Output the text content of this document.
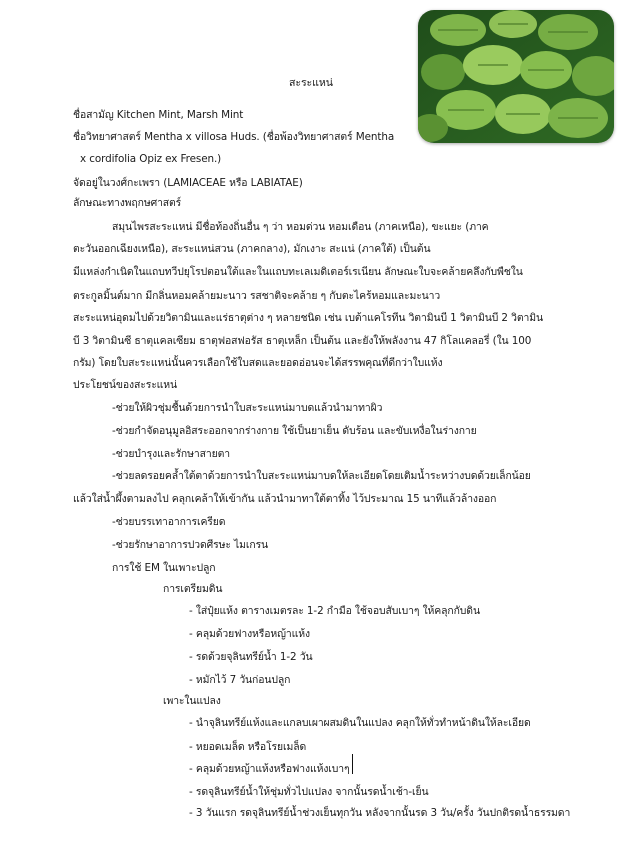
สะระแหน่
ชื่อสามัญ Kitchen Mint, Marsh Mint
ชื่อวิทยาศาสตร์ Mentha x villosa Huds. (ชื่อพ้องวิทยาศาสตร์ Mentha
x cordifolia Opiz ex Fresen.)
จัดอยู่ในวงศ์กะเพรา (LAMIACEAE หรือ LABIATAE)
ลักษณะทางพฤกษศาสตร์
สมุนไพรสะระแหน่ มีชื่อท้องถิ่นอื่น ๆ ว่า หอมด่วน หอมเดือน (ภาคเหนือ), ขะแยะ (ภาค
ตะวันออกเฉียงเหนือ), สะระแหน่สวน (ภาคกลาง), มักเงาะ สะแน่ (ภาคใต้) เป็นต้น
มีแหล่งกำเนิดในแถบทวีปยุโรปตอนใต้และในแถบทะเลเมดิเตอร์เรเนียน ลักษณะใบจะคล้ายคลึงกับพืชใน
ตระกูลมิ้นต์มาก มีกลิ่นหอมคล้ายมะนาว รสชาติจะคล้าย ๆ กับตะไคร้หอมและมะนาว
สะระแหน่อุดมไปด้วยวิตามินและแร่ธาตุต่าง ๆ หลายชนิด เช่น เบต้าแคโรทีน วิตามินบี 1 วิตามินบี 2 วิตามิน
บี 3 วิตามินซี ธาตุแคลเซียม ธาตุฟอสฟอรัส ธาตุเหล็ก เป็นต้น และยังให้พลังงาน 47 กิโลแคลอรี่ (ใน 100
กรัม) โดยใบสะระแหน่นั้นควรเลือกใช้ใบสดและยอดอ่อนจะได้สรรพคุณที่ดีกว่าใบแห้ง
ประโยชน์ของสะระแหน่
-ช่วยให้ผิวชุ่มชื้นด้วยการนำใบสะระแหน่มาบดแล้วนำมาทาผิว
-ช่วยกำจัดอนุมูลอิสระออกจากร่างกาย ใช้เป็นยาเย็น ดับร้อน และขับเหงื่อในร่างกาย
-ช่วยบำรุงและรักษาสายตา
-ช่วยลดรอยคล้ำใต้ตาด้วยการนำใบสะระแหน่มาบดให้ละเอียดโดยเติมน้ำระหว่างบดด้วยเล็กน้อย
แล้วใส่น้ำผึ้งตามลงไป คลุกเคล้าให้เข้ากัน แล้วนำมาทาใต้ตาทิ้ง ไว้ประมาณ 15 นาทีแล้วล้างออก
-ช่วยบรรเทาอาการเครียด
-ช่วยรักษาอาการปวดศีรษะ ไมเกรน
การใช้ EM ในเพาะปลูก
การเตรียมดิน
- ใส่ปุ๋ยแห้ง ตารางเมตรละ 1-2 กำมือ ใช้จอบสับเบาๆ ให้คลุกกับดิน
- คลุมด้วยฟางหรือหญ้าแห้ง
- รดด้วยจุลินทรีย์น้ำ 1-2 วัน
- หมักไว้ 7 วันก่อนปลูก
เพาะในแปลง
- นำจุลินทรีย์แห้งและแกลบเผาผสมดินในแปลง คลุกให้ทั่วทำหน้าดินให้ละเอียด
- หยอดเมล็ด หรือโรยเมล็ด
- คลุมด้วยหญ้าแห้งหรือฟางแห้งเบาๆ
- รดจุลินทรีย์น้ำให้ชุ่มทั่วไปแปลง จากนั้นรดน้ำเช้า-เย็น
- 3 วันแรก รดจุลินทรีย์น้ำช่วงเย็นทุกวัน หลังจากนั้นรด 3 วัน/ครั้ง วันปกติรดน้ำธรรมดา
